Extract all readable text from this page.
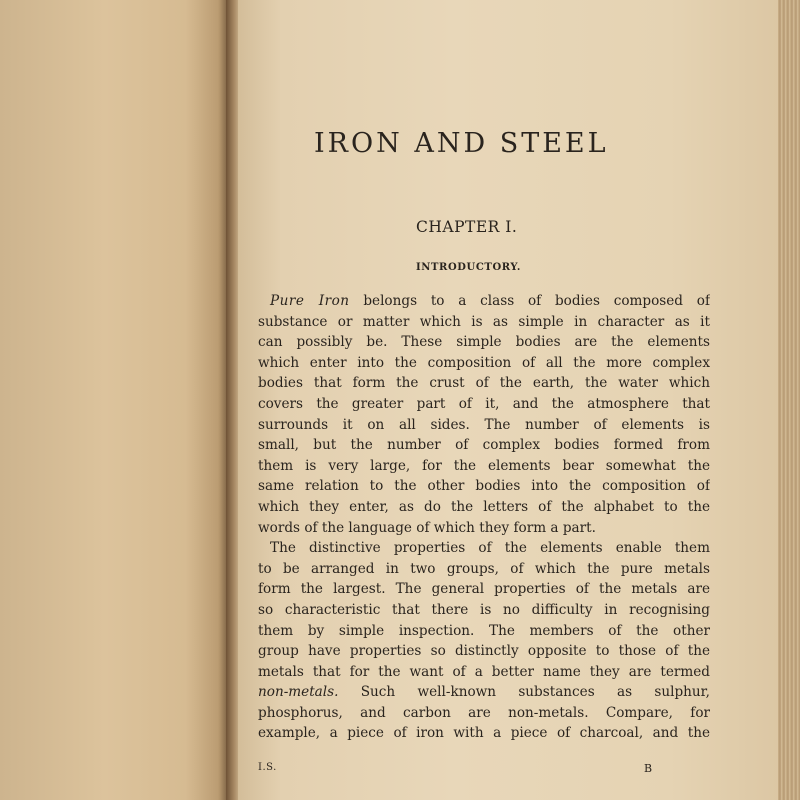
IRON AND STEEL
CHAPTER I.
INTRODUCTORY.
Pure Iron belongs to a class of bodies composed of
substance or matter which is as simple in character as it
can possibly be. These simple bodies are the elements
which enter into the composition of all the more complex
bodies that form the crust of the earth, the water which
covers the greater part of it, and the atmosphere that
surrounds it on all sides. The number of elements is
small, but the number of complex bodies formed from
them is very large, for the elements bear somewhat the
same relation to the other bodies into the composition of
which they enter, as do the letters of the alphabet to the
words of the language of which they form a part.
The distinctive properties of the elements enable them
to be arranged in two groups, of which the pure metals
form the largest. The general properties of the metals are
so characteristic that there is no difficulty in recognising
them by simple inspection. The members of the other
group have properties so distinctly opposite to those of the
metals that for the want of a better name they are termed
non-metals. Such well-known substances as sulphur,
phosphorus, and carbon are non-metals. Compare, for
example, a piece of iron with a piece of charcoal, and the
I.S.	B
